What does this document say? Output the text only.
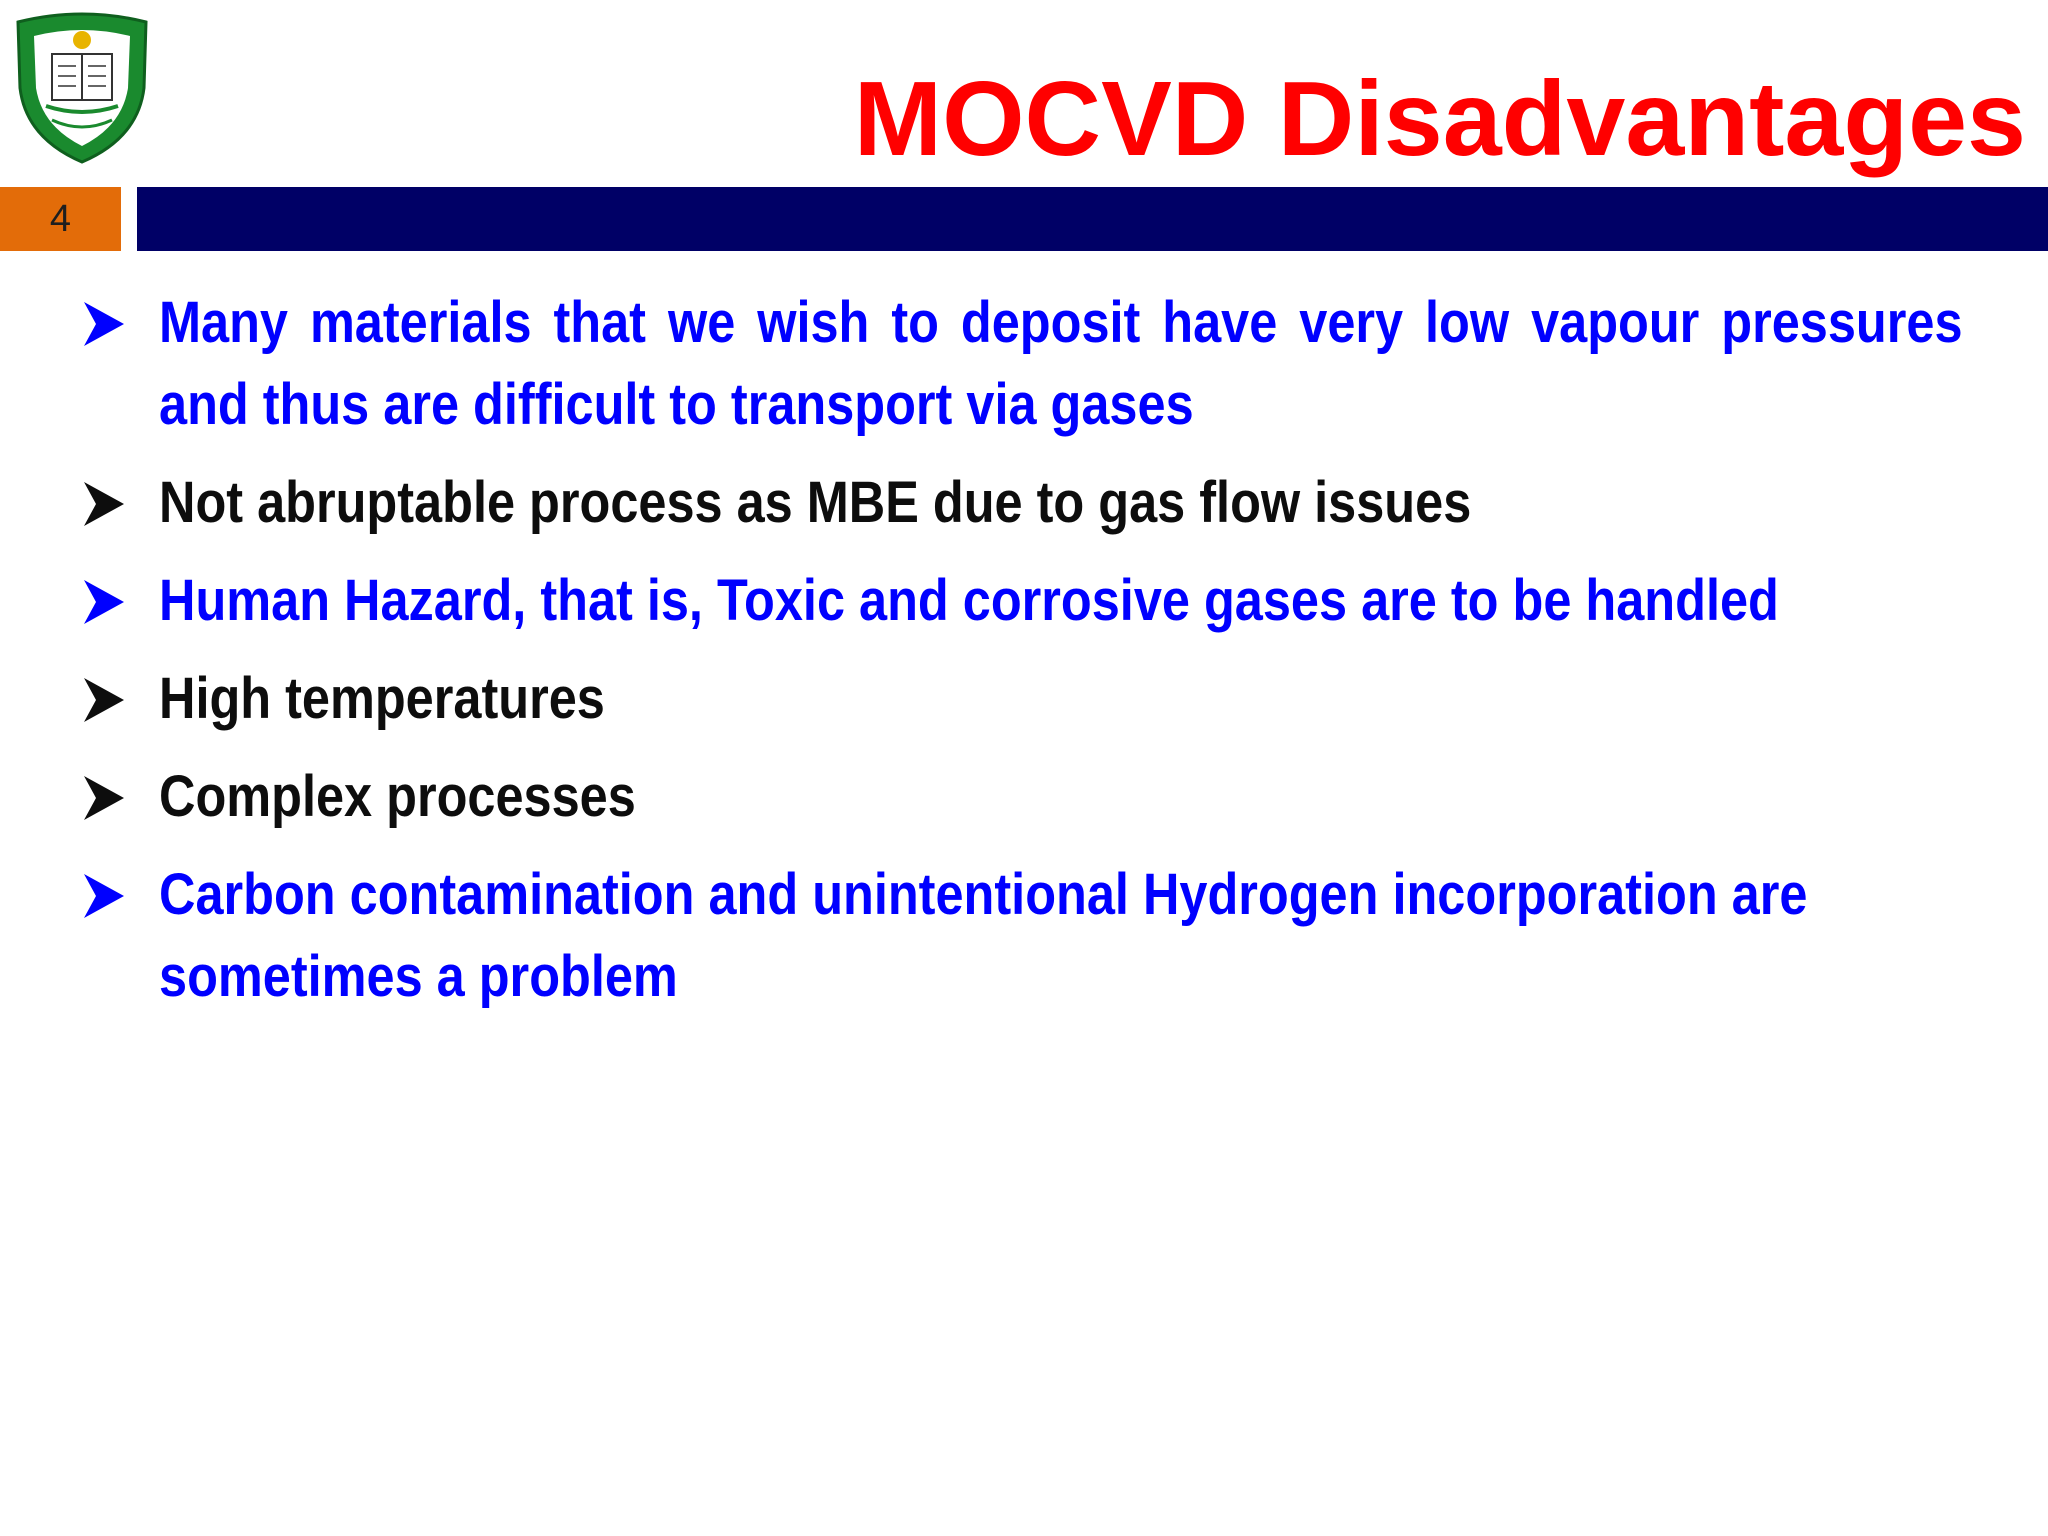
MOCVD Disadvantages
4
Many materials that we wish to deposit have very low vapour pressures and thus are difficult to transport via gases
Not abruptable process as MBE due to gas flow issues
Human Hazard, that is, Toxic and corrosive gases are to be handled
High temperatures
Complex processes
Carbon contamination and unintentional Hydrogen incorporation are sometimes a problem
